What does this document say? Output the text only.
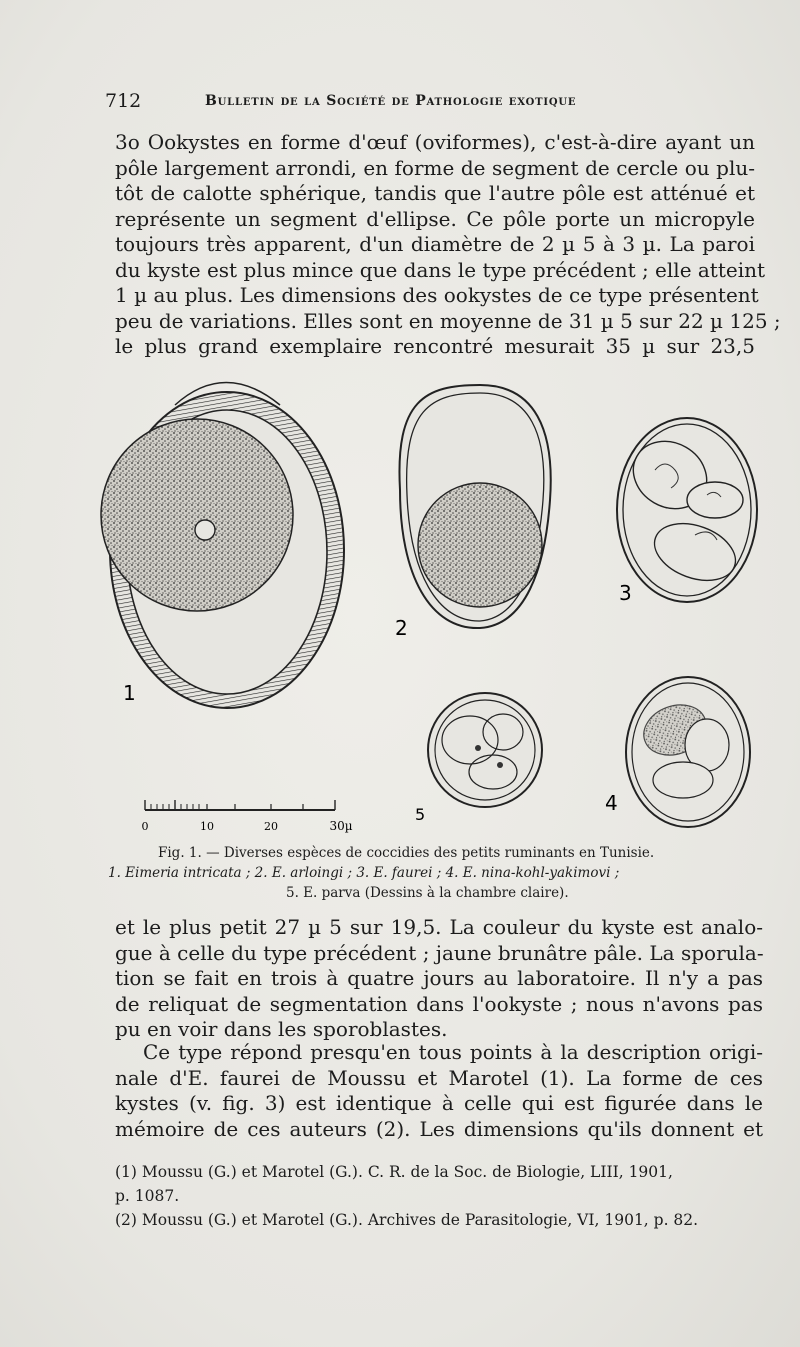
712	Bulletin de la Société de Pathologie exotique
3o Ookystes en forme d'œuf (oviformes), c'est-à-dire ayant un
pôle largement arrondi, en forme de segment de cercle ou plu-
tôt de calotte sphérique, tandis que l'autre pôle est atténué et
représente un segment d'ellipse. Ce pôle porte un micropyle
toujours très apparent, d'un diamètre de 2 µ 5 à 3 µ. La paroi
du kyste est plus mince que dans le type précédent ; elle atteint
1 µ au plus. Les dimensions des ookystes de ce type présentent
peu de variations. Elles sont en moyenne de 31 µ 5 sur 22 µ 125 ;
le plus grand exemplaire rencontré mesurait 35 µ sur 23,5
0	10	20	30µ
1
2
3
4
5
Fig. 1. — Diverses espèces de coccidies des petits ruminants en Tunisie.
1. Eimeria intricata ; 2. E. arloingi ; 3. E. faurei ; 4. E. nina-kohl-yakimovi ;
5. E. parva (Dessins à la chambre claire).
et le plus petit 27 µ 5 sur 19,5. La couleur du kyste est analo-
gue à celle du type précédent ; jaune brunâtre pâle. La sporula-
tion se fait en trois à quatre jours au laboratoire. Il n'y a pas
de reliquat de segmentation dans l'ookyste ; nous n'avons pas
pu en voir dans les sporoblastes.
Ce type répond presqu'en tous points à la description origi-
nale d'E. faurei de Moussu et Marotel (1). La forme de ces
kystes (v. fig. 3) est identique à celle qui est figurée dans le
mémoire de ces auteurs (2). Les dimensions qu'ils donnent et
(1) Moussu (G.) et Marotel (G.). C. R. de la Soc. de Biologie, LIII, 1901,
p. 1087.
(2) Moussu (G.) et Marotel (G.). Archives de Parasitologie, VI, 1901, p. 82.
